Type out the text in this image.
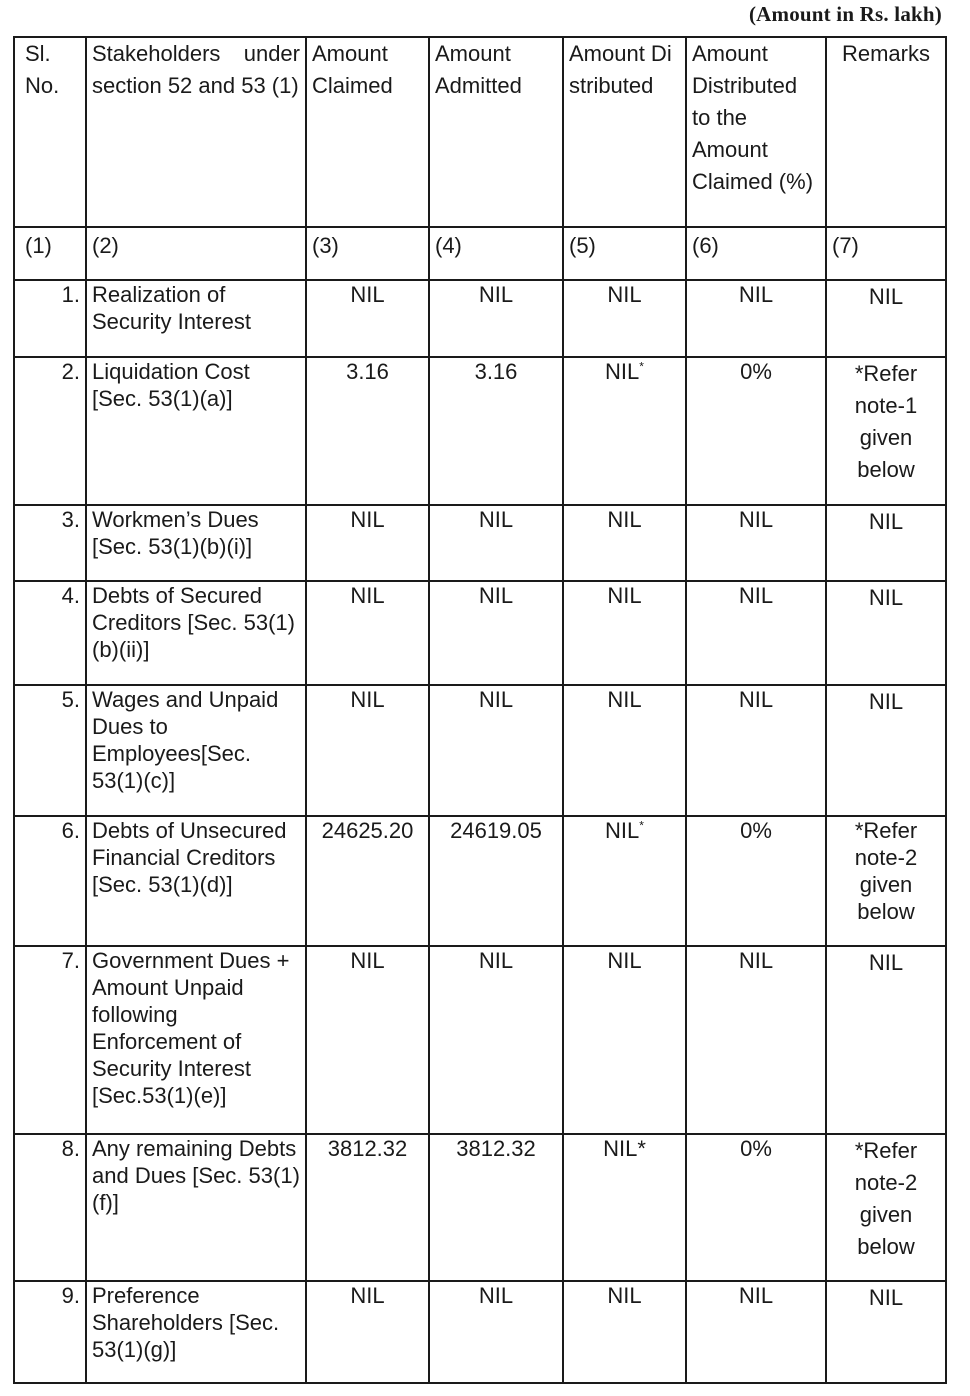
(Amount in Rs. lakh)
Sl. No.	Stakeholders under section 52 and 53 (1)	Amount Claimed	Amount Admitted	Amount Distributed	Amount Distributed to the Amount Claimed (%)	Remarks
(1)	(2)	(3)	(4)	(5)	(6)	(7)
1.	Realization of Security Interest	NIL	NIL	NIL	NIL	NIL
2.	Liquidation Cost [Sec. 53(1)(a)]	3.16	3.16	NIL*	0%	*Refer note-1 given below
3.	Workmen’s Dues [Sec. 53(1)(b)(i)]	NIL	NIL	NIL	NIL	NIL
4.	Debts of Secured Creditors [Sec. 53(1)(b)(ii)]	NIL	NIL	NIL	NIL	NIL
5.	Wages and Unpaid Dues to Employees[Sec. 53(1)(c)]	NIL	NIL	NIL	NIL	NIL
6.	Debts of Unsecured Financial Creditors [Sec. 53(1)(d)]	24625.20	24619.05	NIL*	0%	*Refer note-2 given below
7.	Government Dues + Amount Unpaid following Enforcement of Security Interest [Sec.53(1)(e)]	NIL	NIL	NIL	NIL	NIL
8.	Any remaining Debts and Dues [Sec. 53(1)(f)]	3812.32	3812.32	NIL*	0%	*Refer note-2 given below
9.	Preference Shareholders [Sec. 53(1)(g)]	NIL	NIL	NIL	NIL	NIL
